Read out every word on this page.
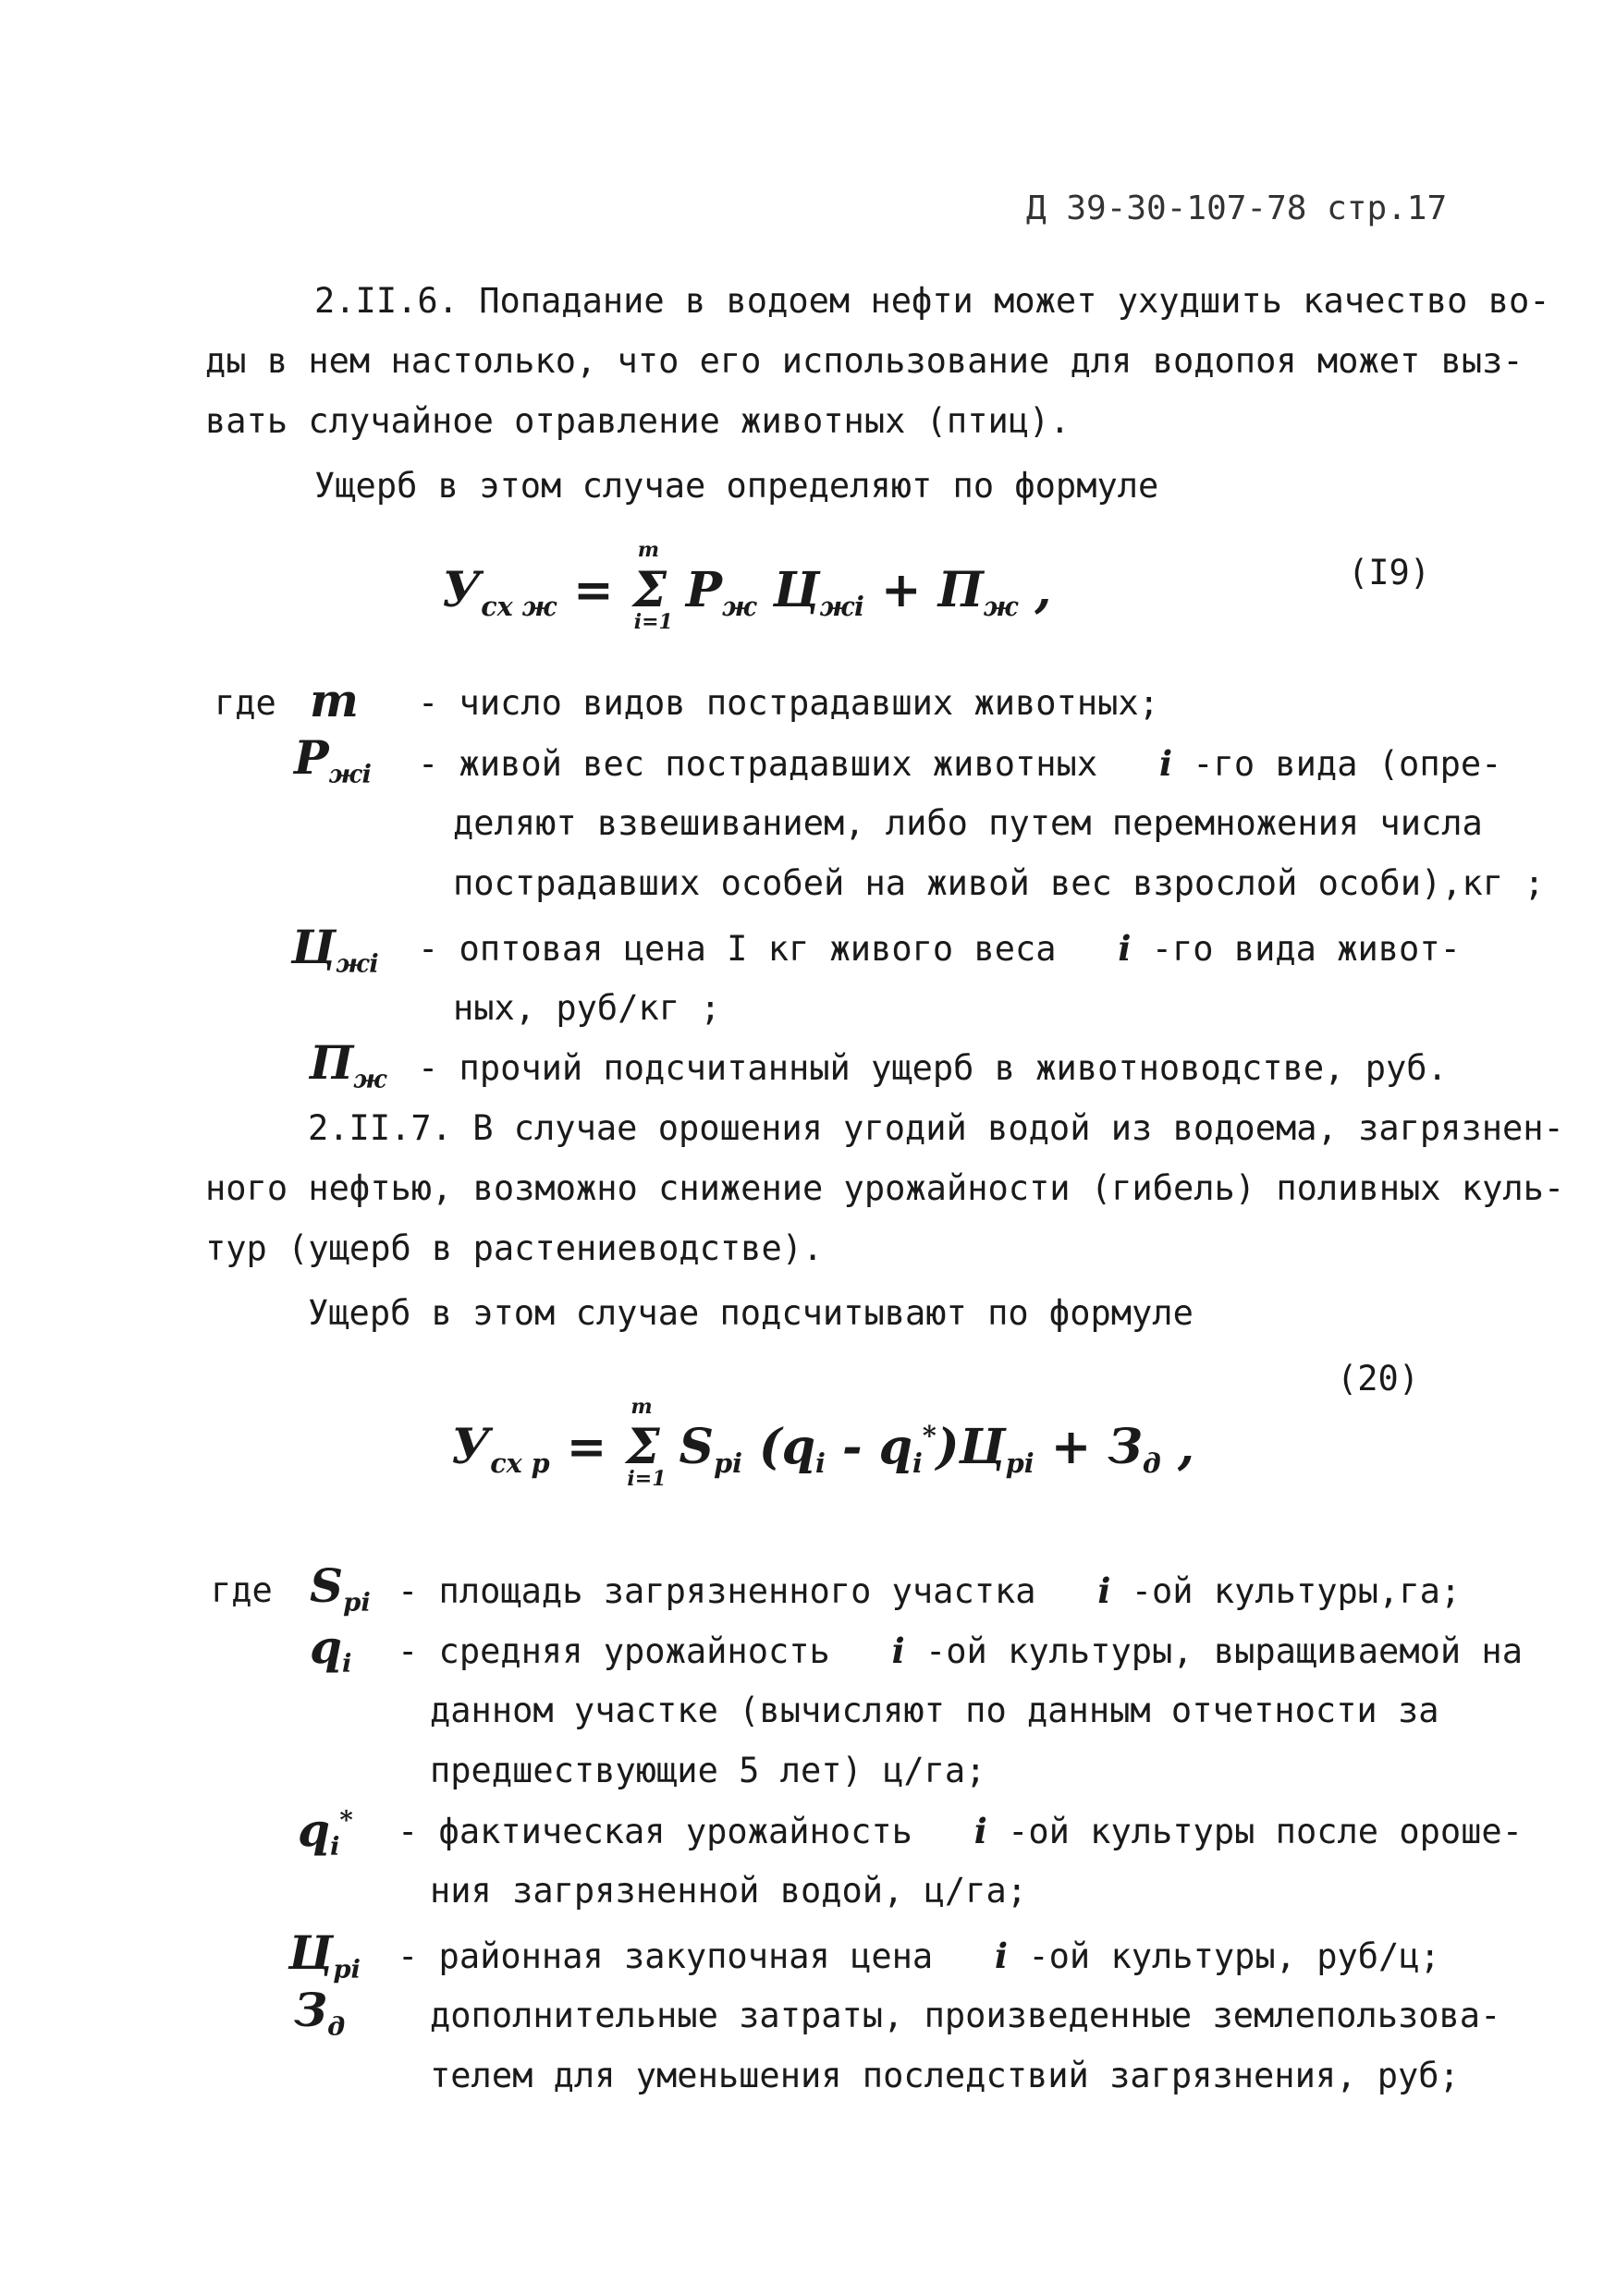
Д 39-30-107-78 стр.17
2.II.6. Попадание в водоем нефти может ухудшить качество во-
ды в нем настолько, что его использование для водопоя может выз-
вать случайное отравление животных (птиц).
Ущерб в этом случае определяют по формуле
$У_{сх ж} = \Sigma$
m
i=1
$Р_ж$ $Ц_{жi} + П_ж$ ,	(I9)
где m - число видов пострадавших животных;
$Р_{жi}$ - живой вес пострадавших животных i -го вида (опре-
деляют взвешиванием, либо путем перемножения числа
пострадавших особей на живой вес взрослой особи),кг ;
$Ц_{жi}$ - оптовая цена I кг живого веса i -го вида живот-
ных, руб/кг ;
$П_ж$ - прочий подсчитанный ущерб в животноводстве, руб.
2.II.7. В случае орошения угодий водой из водоема, загрязнен-
ного нефтью, возможно снижение урожайности (гибель) поливных куль-
тур (ущерб в растениеводстве).
Ущерб в этом случае подсчитывают по формуле
(20)
$У_{сх р} = \Sigma$
m
i=1
$S_{рi}$ $(q_i - q_i^*)Ц_{рi} + З_д$ ,
где $S_{рi}$ - площадь загрязненного участка i -ой культуры,га;
$q_i$ - средняя урожайность i -ой культуры, выращиваемой на
данном участке (вычисляют по данным отчетности за
предшествующие 5 лет) ц/га;
$q_i^*$ - фактическая урожайность i -ой культуры после ороше-
ния загрязненной водой, ц/га;
$Ц_{рi}$ - районная закупочная цена i -ой культуры, руб/ц;
$З_д$ дополнительные затраты, произведенные землепользова-
телем для уменьшения последствий загрязнения, руб;
